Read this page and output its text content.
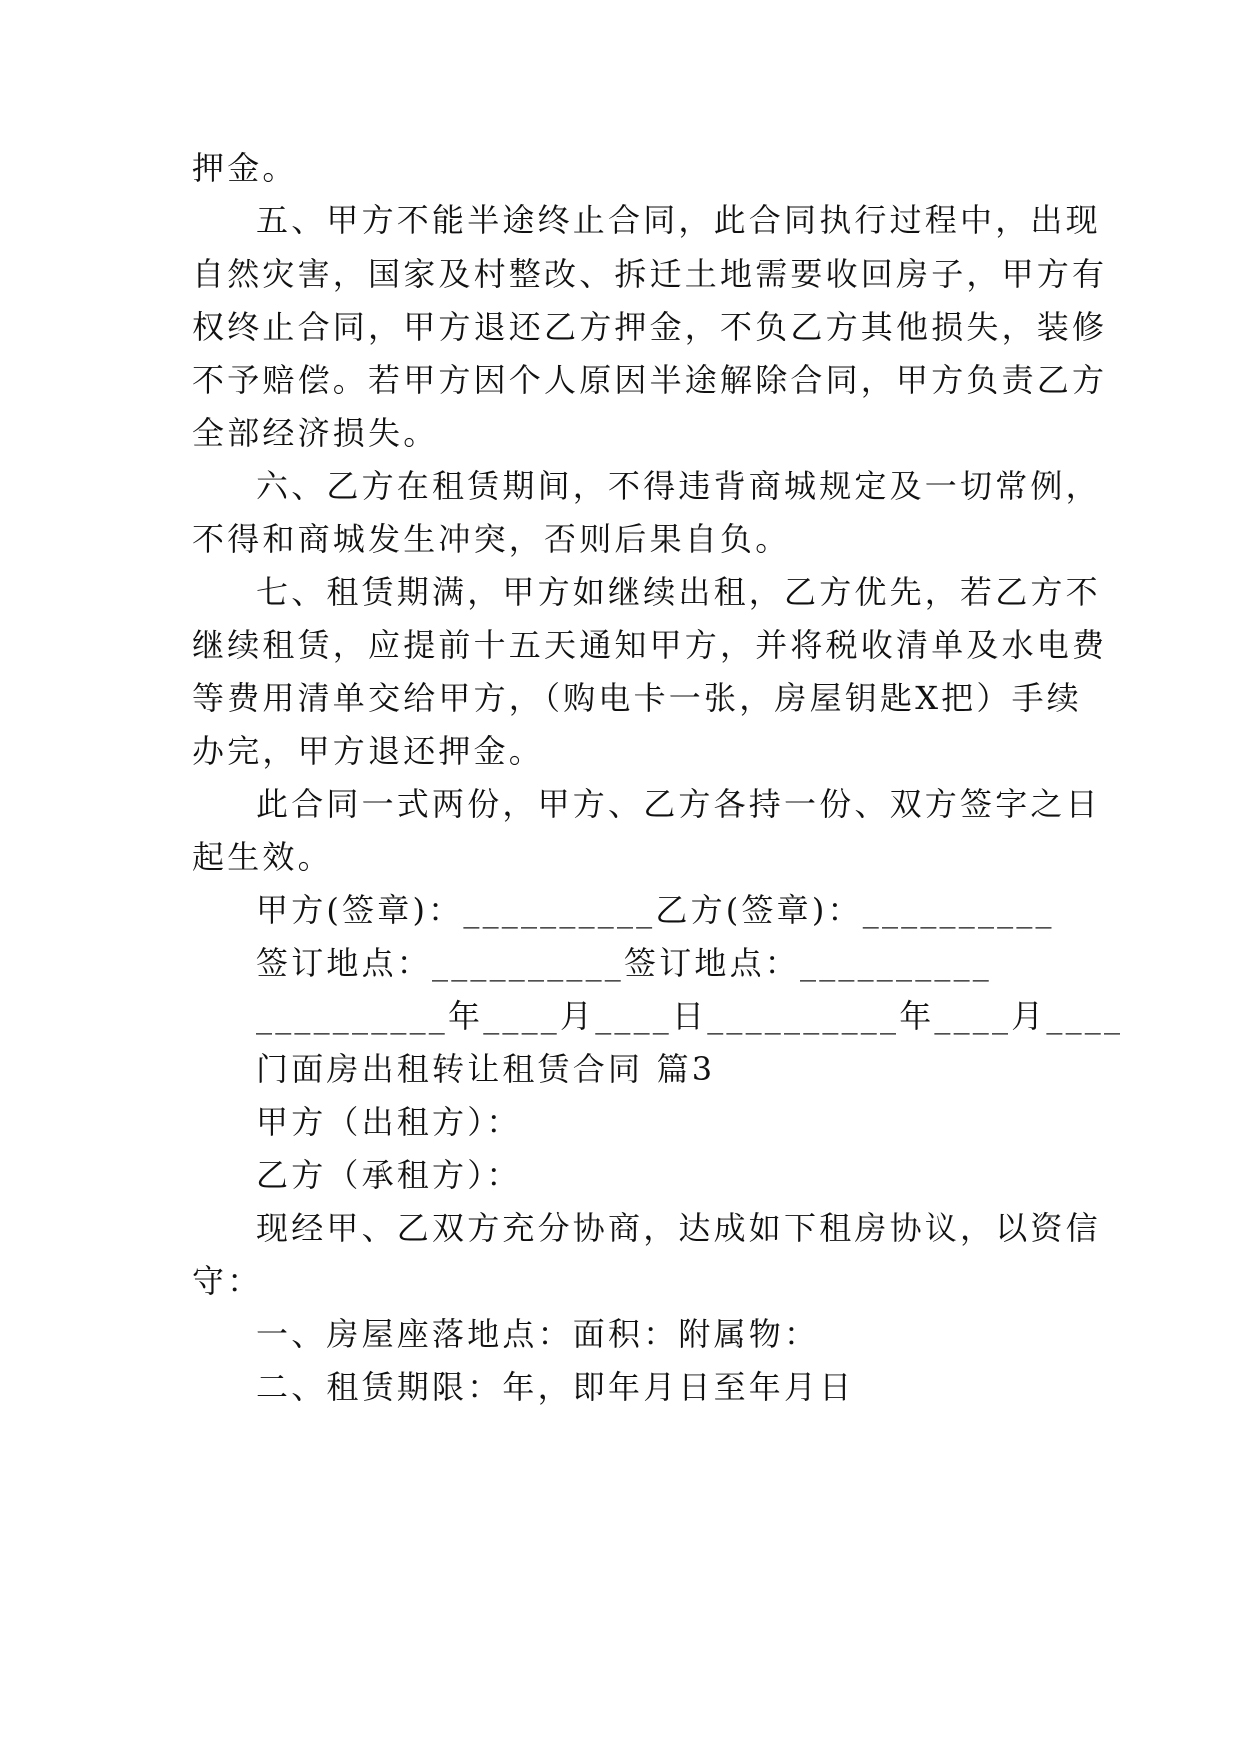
押金。
五、甲方不能半途终止合同，此合同执行过程中，出现
自然灾害，国家及村整改、拆迁土地需要收回房子，甲方有
权终止合同，甲方退还乙方押金，不负乙方其他损失，装修
不予赔偿。若甲方因个人原因半途解除合同，甲方负责乙方
全部经济损失。
六、乙方在租赁期间，不得违背商城规定及一切常例，
不得和商城发生冲突，否则后果自负。
七、租赁期满，甲方如继续出租，乙方优先，若乙方不
继续租赁，应提前十五天通知甲方，并将税收清单及水电费
等费用清单交给甲方，（购电卡一张，房屋钥匙X把）手续
办完，甲方退还押金。
此合同一式两份，甲方、乙方各持一份、双方签字之日
起生效。
甲方(签章)：__________乙方(签章)：__________
签订地点：__________签订地点：__________
__________年____月____日__________年____月____
门面房出租转让租赁合同 篇3
甲方（出租方）：
乙方（承租方）：
现经甲、乙双方充分协商，达成如下租房协议，以资信
守：
一、房屋座落地点：面积：附属物：
二、租赁期限：年，即年月日至年月日
